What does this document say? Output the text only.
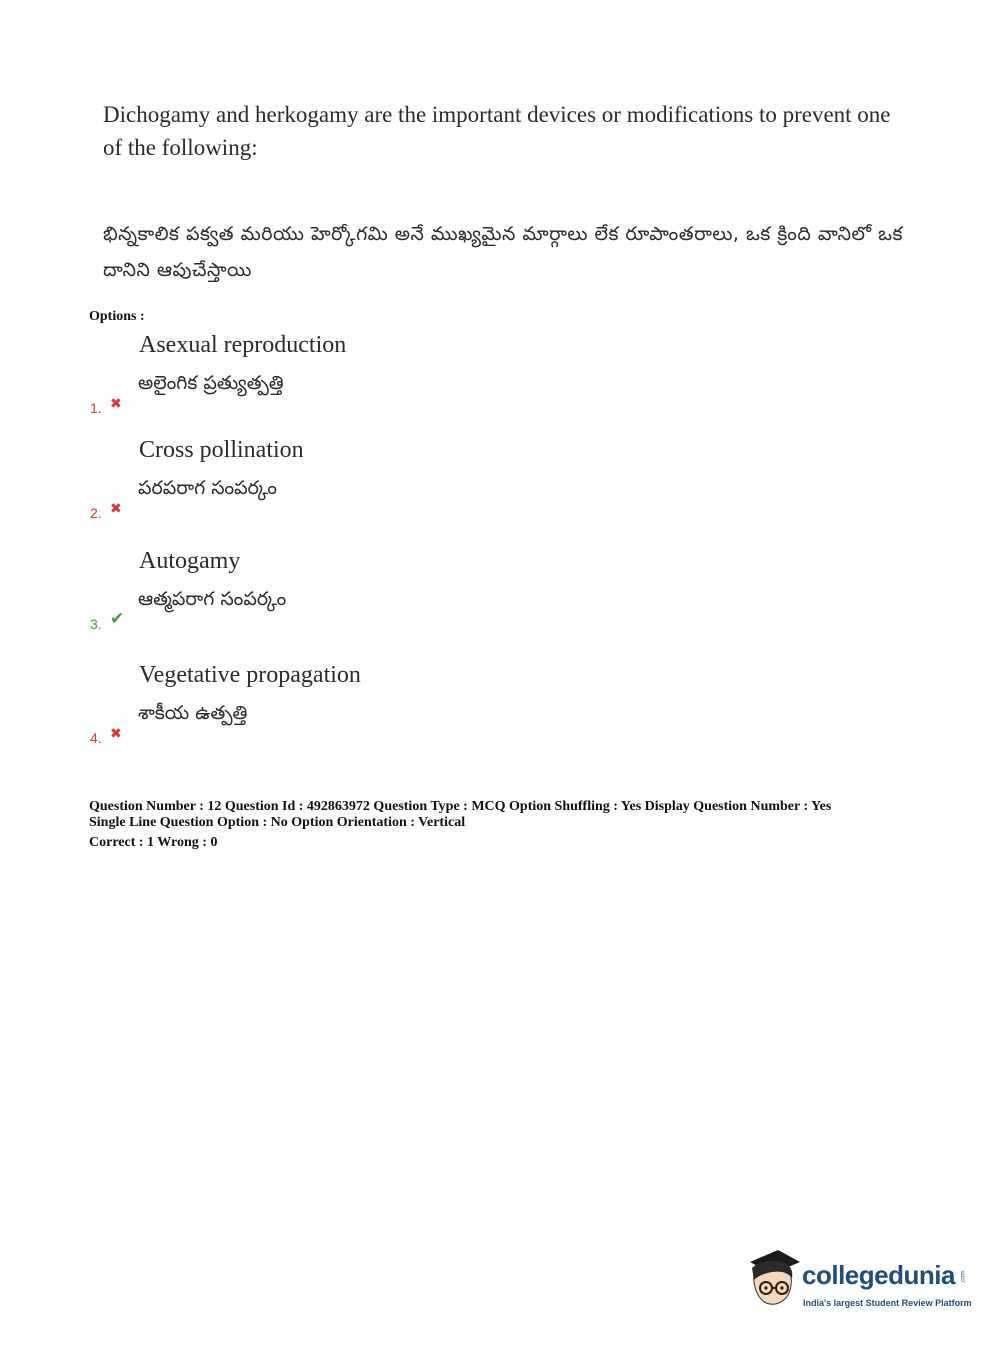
Dichogamy and herkogamy are the important devices or modifications to prevent one of the following:
భిన్నకాలిక పక్వత మరియు హెర్కోగమి అనే ముఖ్యమైన మార్గాలు లేక రూపాంతరాలు, ఒక క్రింది వానిలో ఒక దానిని ఆపుచేస్తాయి
Options :
Asexual reproduction
అలైంగిక ప్రత్యుత్పత్తి
1. ✖
Cross pollination
పరపరాగ సంపర్కం
2. ✖
Autogamy
ఆత్మపరాగ సంపర్కం
3. ✔
Vegetative propagation
శాకీయ ఉత్పత్తి
4. ✖
Question Number : 12 Question Id : 492863972 Question Type : MCQ Option Shuffling : Yes Display Question Number : Yes
Single Line Question Option : No Option Orientation : Vertical
Correct : 1 Wrong : 0
collegedunia .com
India's largest Student Review Platform
